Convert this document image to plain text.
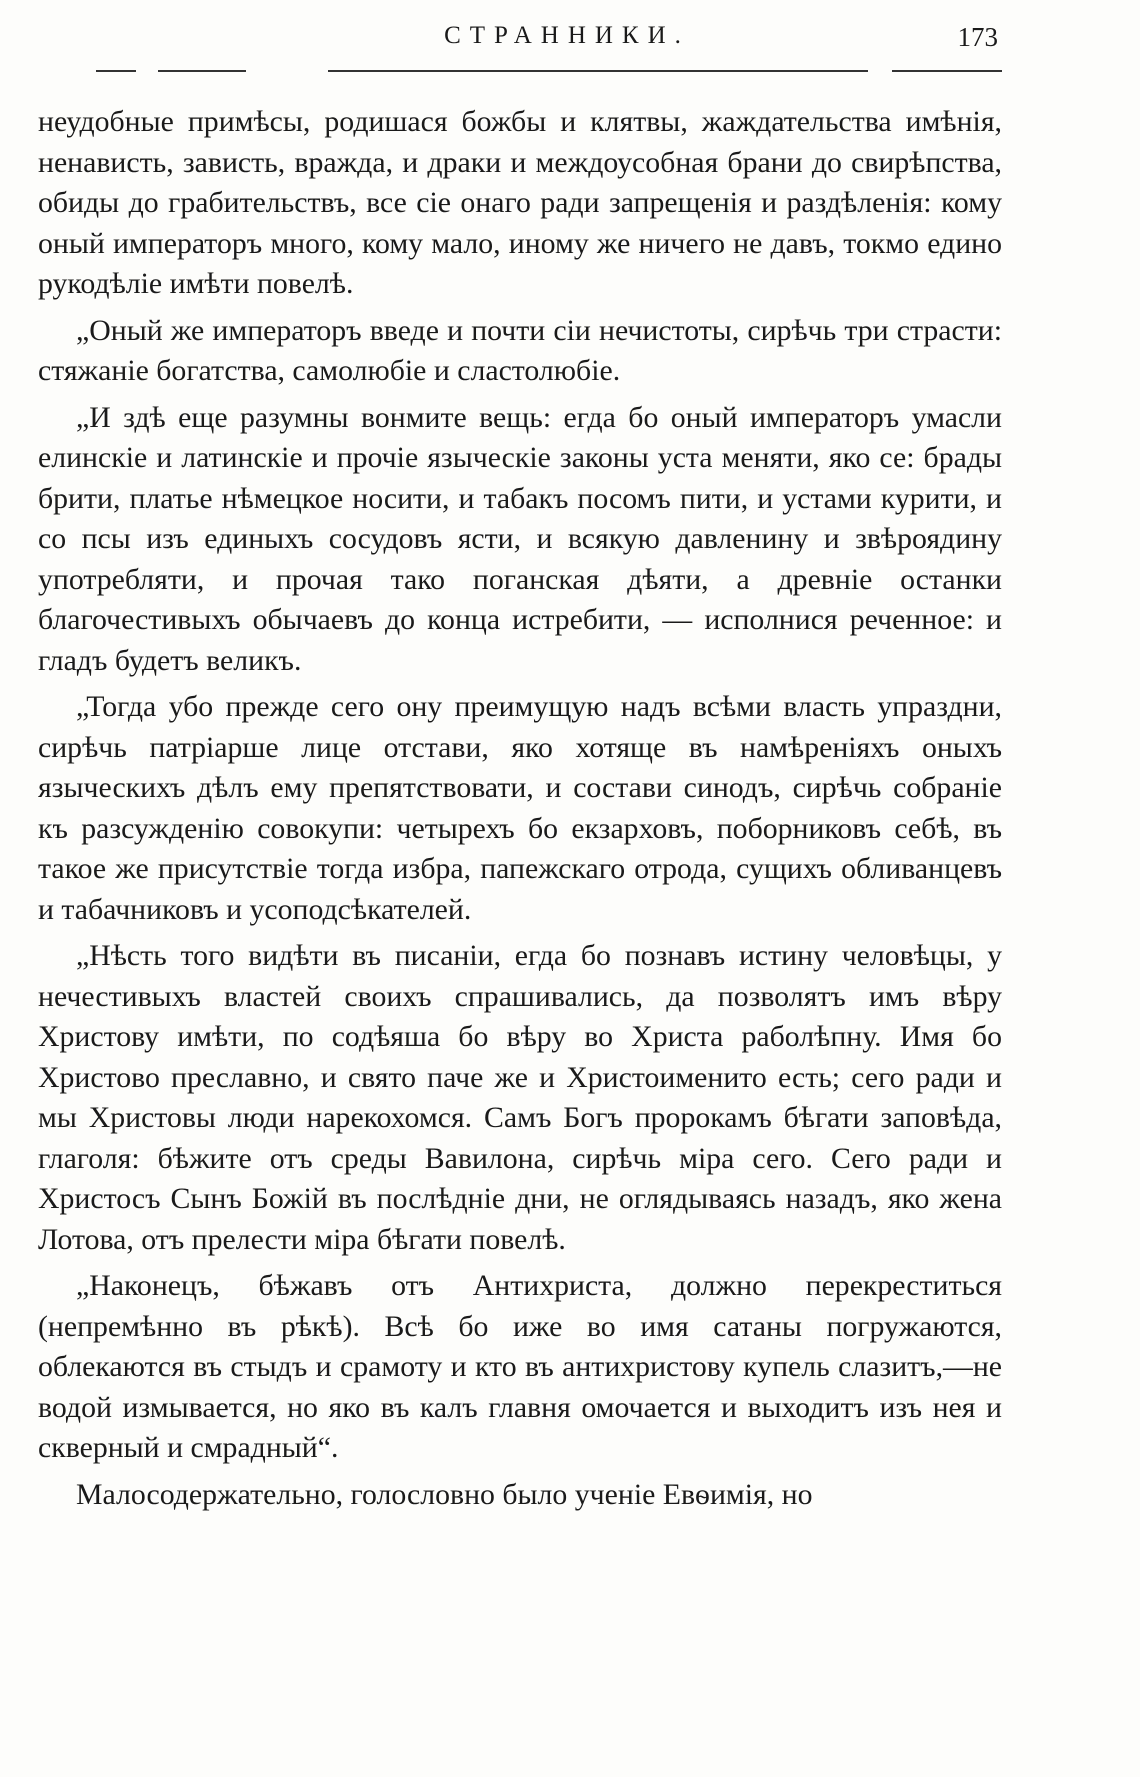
СТРАННИКИ.	173

неудобные примѣсы, родишася божбы и клятвы, жаждательства имѣнія, ненависть, зависть, вражда, и драки и междоусобная брани до свирѣпства, обиды до грабительствъ, все сіе онаго ради запрещенія и раздѣленія: кому оный императоръ много, кому мало, иному же ничего не давъ, токмо едино рукодѣліе имѣти повелѣ.

„Оный же императоръ введе и почти сіи нечистоты, сирѣчь три страсти: стяжаніе богатства, самолюбіе и сластолюбіе.

„И здѣ еще разумны вонмите вещь: егда бо оный императоръ умасли елинскіе и латинскіе и прочіе языческіе законы уста меняти, яко се: брады брити, платье нѣмецкое носити, и табакъ посомъ пити, и устами курити, и со псы изъ единыхъ сосудовъ ясти, и всякую давленину и звѣроядину употребляти, и прочая тако поганская дѣяти, а древніе останки благочестивыхъ обычаевъ до конца истребити, — исполнися реченное: и гладъ будетъ великъ.

„Тогда убо прежде сего ону преимущую надъ всѣми власть упраздни, сирѣчь патріарше лице отстави, яко хотяще въ намѣреніяхъ оныхъ языческихъ дѣлъ ему препятствовати, и состави синодъ, сирѣчь собраніе къ разсужденію совокупи: четырехъ бо екзарховъ, поборниковъ себѣ, въ такое же присутствіе тогда избра, папежскаго отрода, сущихъ обливанцевъ и табачниковъ и усоподсѣкателей.

„Нѣсть того видѣти въ писаніи, егда бо познавъ истину человѣцы, у нечестивыхъ властей своихъ спрашивались, да позволятъ имъ вѣру Христову имѣти, по содѣяша бо вѣру во Христа раболѣпну. Имя бо Христово преславно, и свято паче же и Христоименито есть; сего ради и мы Христовы люди нарекохомся. Самъ Богъ пророкамъ бѣгати заповѣда, глаголя: бѣжите отъ среды Вавилона, сирѣчь міра сего. Сего ради и Христосъ Сынъ Божій въ послѣдніе дни, не оглядываясь назадъ, яко жена Лотова, отъ прелести міра бѣгати повелѣ.

„Наконецъ, бѣжавъ отъ Антихриста, должно перекреститься (непремѣнно въ рѣкѣ). Всѣ бо иже во имя сатаны погружаются, облекаются въ стыдъ и срамоту и кто въ антихристову купель слазитъ,—не водой измывается, но яко въ калъ главня омочается и выходитъ изъ нея и скверный и смрадный“.

Малосодержательно, голословно было ученіе Евѳимія, но
